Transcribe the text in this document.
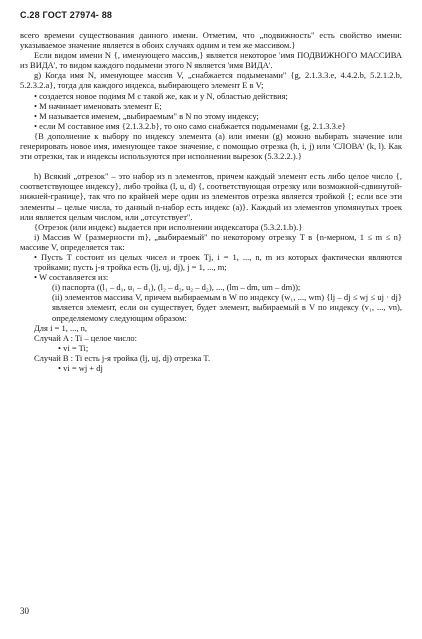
С.28 ГОСТ 27974- 88

всего времени существования данного имени. Отметим, что „подвижность" есть свойство имени: указываемое значение является в обоих случаях одним и тем же массивом.}

Если видом имени N {, именующего массив,} является некоторое 'имя ПОДВИЖНОГО МАССИВА из ВИДА', то видом каждого подымени этого N является 'имя ВИДА'.

g) Когда имя N, именующее массив V, „снабжается подыменами" {g, 2.1.3.3.е, 4.4.2.b, 5.2.1.2.b, 5.2.3.2.а}, тогда для каждого индекса, выбирающего элемент E в V;

• создается новое подимя M с такой же, как и у N, областью действия;

• M начинает именовать элемент E;

• M называется именем, „выбираемым" в N по этому индексу;

• если M составное имя {2.1.3.2.b}, то оно само снабжается подыменами {g, 2.1.3.3.е}

{В дополнение к выбору по индексу элемента (а) или имени (g) можно выбирать значение или генерировать новое имя, именующее такое значение, с помощью отрезка (h, i, j) или 'СЛОВА' (k, l). Как эти отрезки, так и индексы используются при исполнении вырезок (5.3.2.2.).}

h) Всякий „отрезок" – это набор из n элементов, причем каждый элемент есть либо целое число {, соответствующее индексу}, либо тройка (l, u, d) {, соответствующая отрезку или возможной-сдвинутой-нижней-границе}, так что по крайней мере один из элементов отрезка является тройкой {; если все эти элементы – целые числа, то данный n-набор есть индекс (а)}. Каждый из элементов упомянутых троек или является целым числом, или „отсутствует".

{Отрезок (или индекс) выдается при исполнении индексатора (5.3.2.1.b).}

i) Массив W {размерности m}, „выбираемый" по некоторому отрезку T в {n-мерном, 1 ≤ m ≤ n} массиве V, определяется так:

• Пусть T состоит из целых чисел и троек Tj, i = 1, ..., n, m из которых фактически являются тройками; пусть j-я тройка есть (lj, uj, dj), j = 1, ..., m;

• W составляется из:

(i) паспорта ((l₁ – d₁, u₁ – d₁), (l₂ – d₂, u₂ – d₂), ..., (lm – dm, um – dm));

(ii) элементов массива V, причем выбираемым в W по индексу (w₁, ..., wm) {lj – dj ≤ wj ≤ uj · dj} является элемент, если он существует, будет элемент, выбираемый в V по индексу (v₁, ..., vn), определяемому следующим образом:

Для i = 1, ..., n,

Случай A : Ti – целое число:

• vi = Ti;

Случай B : Ti есть j-я тройка (lj, uj, dj) отрезка T.

• vi = wj + dj

30
